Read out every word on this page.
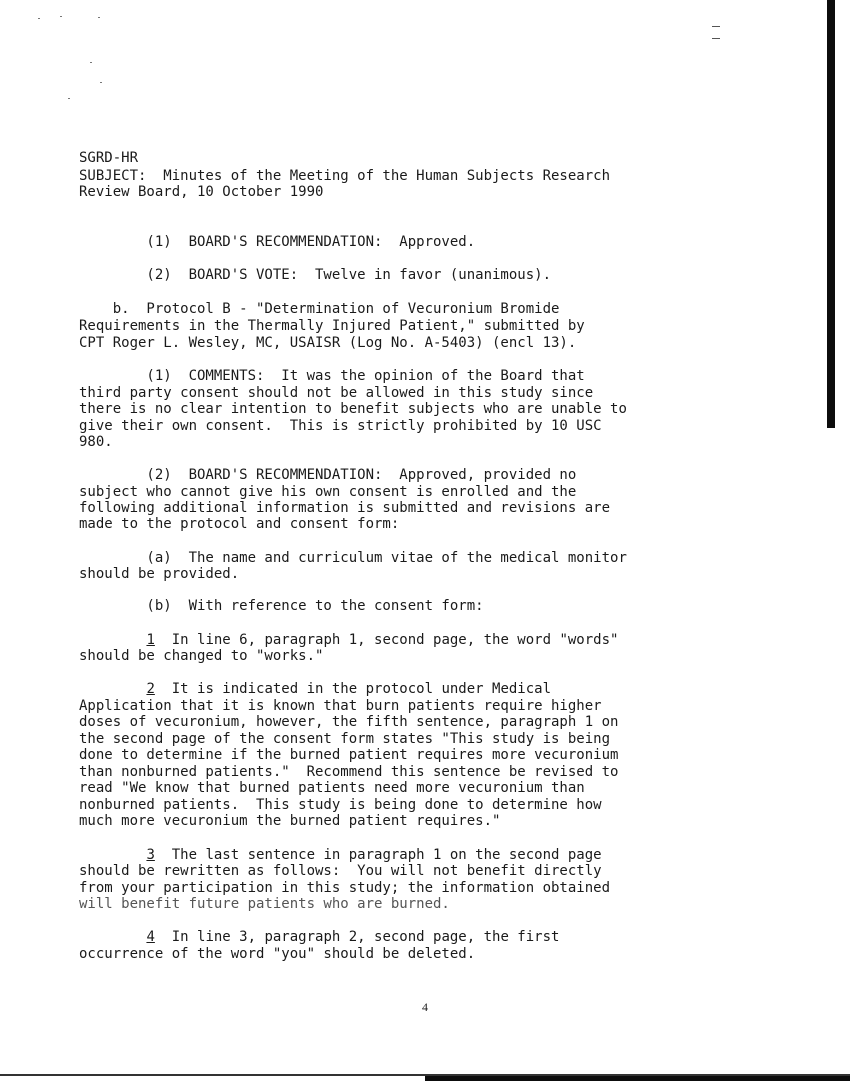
SGRD-HR
SUBJECT:  Minutes of the Meeting of the Human Subjects Research
Review Board, 10 October 1990
(1)  BOARD'S RECOMMENDATION:  Approved.
(2)  BOARD'S VOTE:  Twelve in favor (unanimous).
b.  Protocol B - "Determination of Vecuronium Bromide
Requirements in the Thermally Injured Patient," submitted by
CPT Roger L. Wesley, MC, USAISR (Log No. A-5403) (encl 13).
(1)  COMMENTS:  It was the opinion of the Board that
third party consent should not be allowed in this study since
there is no clear intention to benefit subjects who are unable to
give their own consent.  This is strictly prohibited by 10 USC
980.
(2)  BOARD'S RECOMMENDATION:  Approved, provided no
subject who cannot give his own consent is enrolled and the
following additional information is submitted and revisions are
made to the protocol and consent form:
(a)  The name and curriculum vitae of the medical monitor
should be provided.
(b)  With reference to the consent form:
1  In line 6, paragraph 1, second page, the word "words"
should be changed to "works."
2  It is indicated in the protocol under Medical
Application that it is known that burn patients require higher
doses of vecuronium, however, the fifth sentence, paragraph 1 on
the second page of the consent form states "This study is being
done to determine if the burned patient requires more vecuronium
than nonburned patients."  Recommend this sentence be revised to
read "We know that burned patients need more vecuronium than
nonburned patients.  This study is being done to determine how
much more vecuronium the burned patient requires."
3  The last sentence in paragraph 1 on the second page
should be rewritten as follows:  You will not benefit directly
from your participation in this study; the information obtained
will benefit future patients who are burned.
4  In line 3, paragraph 2, second page, the first
occurrence of the word "you" should be deleted.
4
